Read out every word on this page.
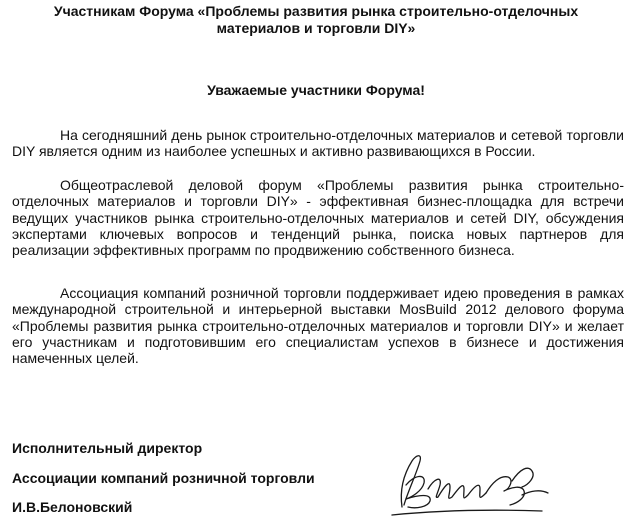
Участникам Форума «Проблемы развития рынка строительно-отделочных
материалов и торговли DIY»

Уважаемые участники Форума!

На сегодняшний день рынок строительно-отделочных материалов и сетевой торговли DIY является одним из наиболее успешных и активно развивающихся в России.

Общеотраслевой деловой форум «Проблемы развития рынка строительно-отделочных материалов и торговли DIY» - эффективная бизнес-площадка для встречи ведущих участников рынка строительно-отделочных материалов и сетей DIY, обсуждения экспертами ключевых вопросов и тенденций рынка, поиска новых партнеров для реализации эффективных программ по продвижению собственного бизнеса.

Ассоциация компаний розничной торговли поддерживает идею проведения в рамках международной строительной и интерьерной выставки MosBuild 2012 делового форума «Проблемы развития рынка строительно-отделочных материалов и торговли DIY» и желает его участникам и подготовившим его специалистам успехов в бизнесе и достижения намеченных целей.

Исполнительный директор

Ассоциации компаний розничной торговли

И.В.Белоновский
